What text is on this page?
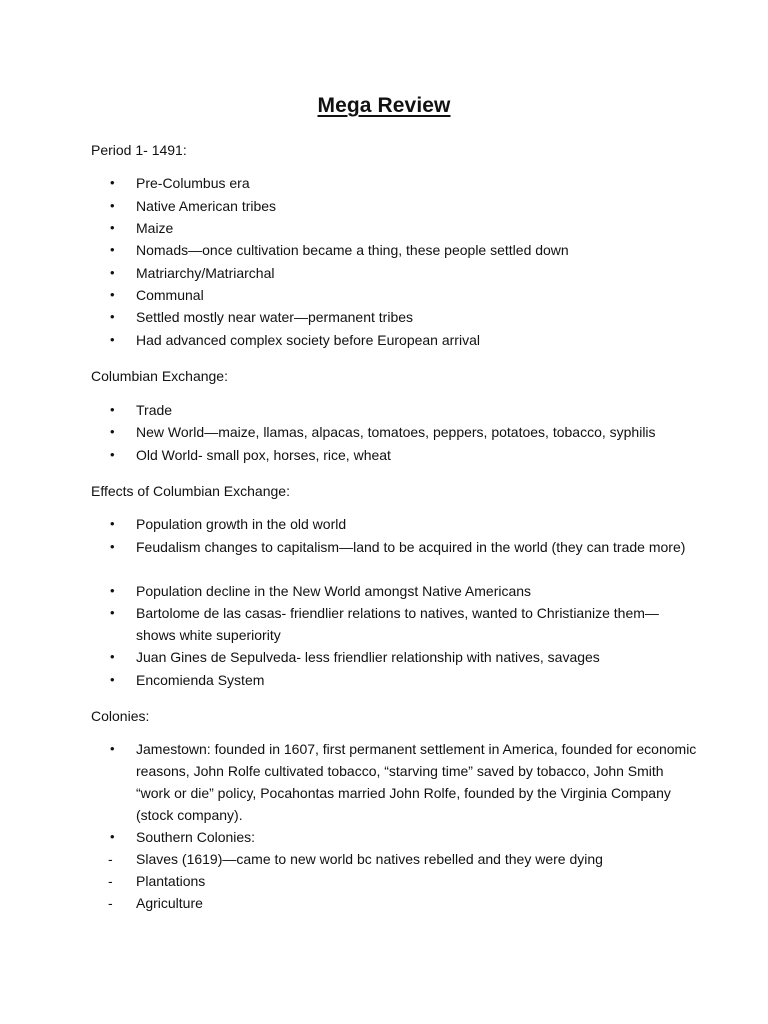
Mega Review
Period 1- 1491:
•	Pre-Columbus era
•	Native American tribes
•	Maize
•	Nomads—once cultivation became a thing, these people settled down
•	Matriarchy/Matriarchal
•	Communal
•	Settled mostly near water—permanent tribes
•	Had advanced complex society before European arrival
Columbian Exchange:
•	Trade
•	New World—maize, llamas, alpacas, tomatoes, peppers, potatoes, tobacco, syphilis
•	Old World- small pox, horses, rice, wheat
Effects of Columbian Exchange:
•	Population growth in the old world
•	Feudalism changes to capitalism—land to be acquired in the world (they can trade more)
•	Population decline in the New World amongst Native Americans
•	Bartolome de las casas- friendlier relations to natives, wanted to Christianize them—shows white superiority
•	Juan Gines de Sepulveda- less friendlier relationship with natives, savages
•	Encomienda System
Colonies:
•	Jamestown: founded in 1607, first permanent settlement in America, founded for economic reasons, John Rolfe cultivated tobacco, “starving time” saved by tobacco, John Smith “work or die” policy, Pocahontas married John Rolfe, founded by the Virginia Company (stock company).
•	Southern Colonies:
-	Slaves (1619)—came to new world bc natives rebelled and they were dying
-	Plantations
-	Agriculture
